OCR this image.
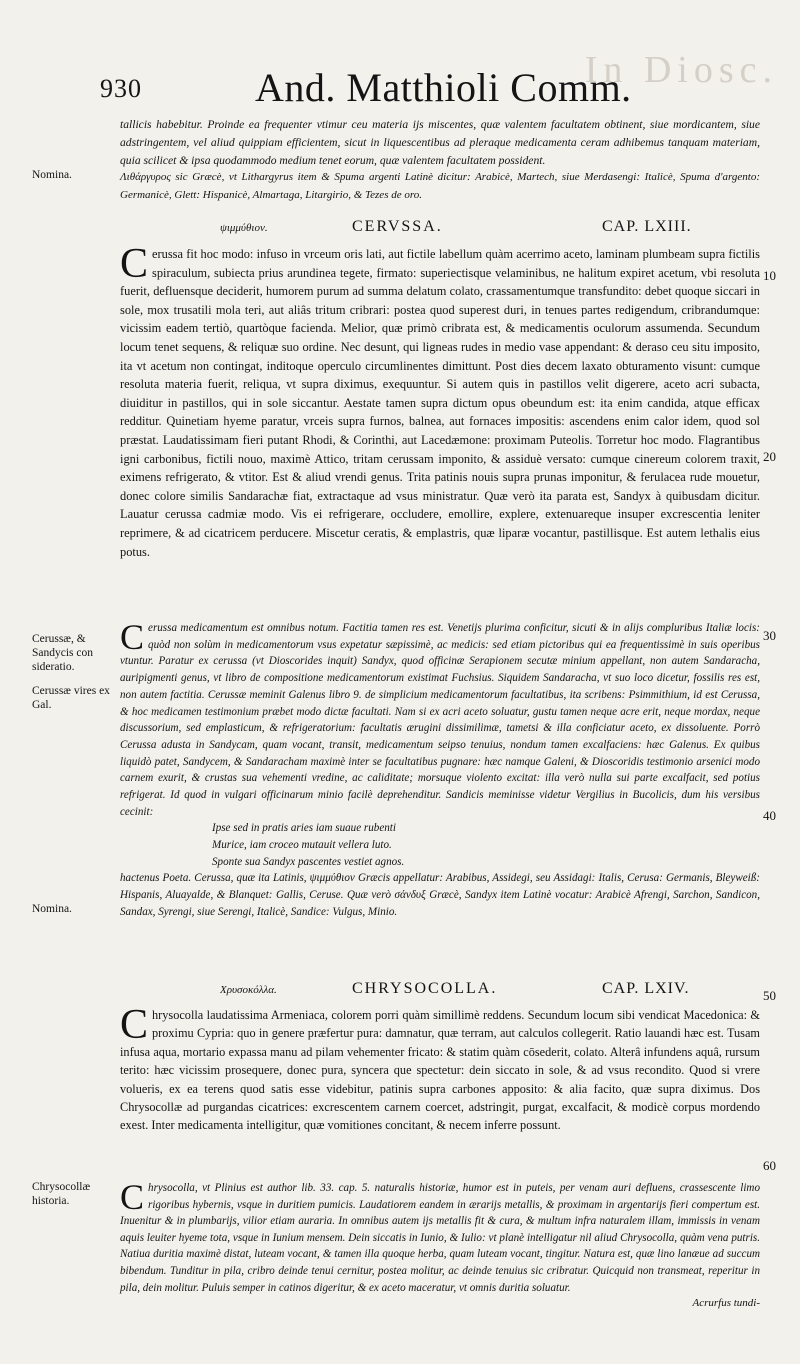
930	And. Matthioli Comm.
In Diosc.

tallicis habebitur. Proinde ea frequenter vtimur ceu materia ijs miscentes, quæ valentem facultatem obtinent, siue mordicantem, siue adstringentem, vel aliud quippiam efficientem, sicut in liquescentibus ad pleraque medicamenta ceram adhibemus tanquam materiam, quia scilicet & ipsa quodammodo medium tenet eorum, quæ valentem facultatem possident.

Λιθάργυρος sic Græcè, vt Lithargyrus item & Spuma argenti Latinè dicitur: Arabicè, Martech, siue Merdasengi: Italicè, Spuma d'argento: Germanicè, Glett: Hispanicè, Almartaga, Litargirio, & Tezes de oro.

ψιμμύθιον.	CERVSSA.	CAP. LXIII.

Cerussa fit hoc modo: infuso in vrceum oris lati, aut fictile labellum quàm acerrimo aceto, laminam plumbeam supra fictilis spiraculum, subiecta prius arundinea tegete, firmato: superiectisque velaminibus, ne halitum expiret acetum, vbi resoluta fuerit, defluensque deciderit, humorem purum ad summa delatum colato, crassamentumque transfundito: debet quoque siccari in sole, mox trusatili mola teri, aut aliâs tritum cribrari: postea quod superest duri, in tenues partes redigendum, cribrandumque: vicissim eadem tertiò, quartòque facienda. Melior, quæ primò cribrata est, & medicamentis oculorum assumenda. Secundum locum tenet sequens, & reliquæ suo ordine. Nec desunt, qui ligneas rudes in medio vase appendant: & deraso ceu situ imposito, ita vt acetum non contingat, inditoque operculo circumlinentes dimittunt. Post dies decem laxato obturamento visunt: cumque resoluta materia fuerit, reliqua, vt supra diximus, exequuntur. Si autem quis in pastillos velit digerere, aceto acri subacta, diuiditur in pastillos, qui in sole siccantur. Aestate tamen supra dictum opus obeundum est: ita enim candida, atque efficax redditur. Quinetiam hyeme paratur, vrceis supra furnos, balnea, aut fornaces impositis: ascendens enim calor idem, quod sol præstat. Laudatissimam fieri putant Rhodi, & Corinthi, aut Lacedæmone: proximam Puteolis. Torretur hoc modo. Flagrantibus igni carbonibus, fictili nouo, maximè Attico, tritam cerussam imponito, & assiduè versato: cumque cinereum colorem traxit, eximens refrigerato, & vtitor. Est & aliud vrendi genus. Trita patinis nouis supra prunas imponitur, & ferulacea rude mouetur, donec colore similis Sandarachæ fiat, extractaque ad vsus ministratur. Quæ verò ita parata est, Sandyx à quibusdam dicitur. Lauatur cerussa cadmiæ modo. Vis ei refrigerare, occludere, emollire, explere, extenuareque insuper excrescentia leniter reprimere, & ad cicatricem perducere. Miscetur ceratis, & emplastris, quæ liparæ vocantur, pastillisque. Est autem lethalis eius potus.

Cerussa medicamentum est omnibus notum. Factitia tamen res est. Venetijs plurima conficitur, sicuti & in alijs compluribus Italiæ locis: quòd non solùm in medicamentorum vsus expetatur sæpissimè, ac medicis: sed etiam pictoribus qui ea frequentissimè in suis operibus vtuntur. Paratur ex cerussa (vt Dioscorides inquit) Sandyx, quod officinæ Serapionem secutæ minium appellant, non autem Sandaracha, auripigmenti genus, vt libro de compositione medicamentorum existimat Fuchsius. Siquidem Sandaracha, vt suo loco dicetur, fossilis res est, non autem factitia. Cerussæ meminit Galenus libro 9. de simplicium medicamentorum facultatibus, ita scribens: Psimmithium, id est Cerussa, & hoc medicamen testimonium præbet modo dictæ facultati. Nam si ex acri aceto soluatur, gustu tamen neque acre erit, neque mordax, neque discussorium, sed emplasticum, & refrigeratorium: facultatis ærugini dissimilimæ, tametsi & illa conficiatur aceto, ex dissoluente. Porrò Cerussa adusta in Sandycam, quam vocant, transit, medicamentum seipso tenuius, nondum tamen excalfaciens: hæc Galenus. Ex quibus liquidò patet, Sandycem, & Sandaracham maximè inter se facultatibus pugnare: hæc namque Galeni, & Dioscoridis testimonio arsenici modo carnem exurit, & crustas sua vehementi vredine, ac caliditate; morsuque violento excitat: illa verò nulla sui parte excalfacit, sed potius refrigerat. Id quod in vulgari officinarum minio facilè deprehenditur. Sandicis meminisse videtur Vergilius in Bucolicis, dum his versibus cecinit:

Ipse sed in pratis aries iam suaue rubenti

Murice, iam croceo mutauit vellera luto.

Sponte sua Sandyx pascentes vestiet agnos.

hactenus Poeta. Cerussa, quæ ita Latinis, ψιμμύθιον Græcis appellatur: Arabibus, Assidegi, seu Assidagi: Italis, Cerusa: Germanis, Bleyweiß: Hispanis, Aluayalde, & Blanquet: Gallis, Ceruse. Quæ verò σάνδυξ Græcè, Sandyx item Latinè vocatur: Arabicè Afrengi, Sarchon, Sandicon, Sandax, Syrengi, siue Serengi, Italicè, Sandice: Vulgus, Minio.

Χρυσοκόλλα.	CHRYSOCOLLA.	CAP. LXIV.

Chrysocolla laudatissima Armeniaca, colorem porri quàm simillimè reddens. Secundum locum sibi vendicat Macedonica: & proximu Cypria: quo in genere præfertur pura: damnatur, quæ terram, aut calculos collegerit. Ratio lauandi hæc est. Tusam infusa aqua, mortario expassa manu ad pilam vehementer fricato: & statim quàm cōsederit, colato. Alterâ infundens aquâ, rursum terito: hæc vicissim prosequere, donec pura, syncera que spectetur: dein siccato in sole, & ad vsus recondito. Quod si vrere volueris, ex ea terens quod satis esse videbitur, patinis supra carbones apposito: & alia facito, quæ supra diximus. Dos Chrysocollæ ad purgandas cicatrices: excrescentem carnem coercet, adstringit, purgat, excalfacit, & modicè corpus mordendo exest. Inter medicamenta intelligitur, quæ vomitiones concitant, & necem inferre possunt.

Chrysocolla, vt Plinius est author lib. 33. cap. 5. naturalis historiæ, humor est in puteis, per venam auri defluens, crassescente limo rigoribus hybernis, vsque in duritiem pumicis. Laudatiorem eandem in ærarijs metallis, & proximam in argentarijs fieri compertum est. Inuenitur & in plumbarijs, vilior etiam auraria. In omnibus autem ijs metallis fit & cura, & multum infra naturalem illam, immissis in venam aquis leuiter hyeme tota, vsque in Iunium mensem. Dein siccatis in Iunio, & Iulio: vt planè intelligatur nil aliud Chrysocolla, quàm vena putris. Natiua duritia maximè distat, luteam vocant, & tamen illa quoque herba, quam luteam vocant, tingitur. Natura est, quæ lino lanæue ad succum bibendum. Tunditur in pila, cribro deinde tenui cernitur, postea molitur, ac deinde tenuius sic cribratur. Quicquid non transmeat, reperitur in pila, dein molitur. Puluis semper in catinos digeritur, & ex aceto maceratur, vt omnis duritia soluatur.

Acrurfus tundi-

Nomina.
Cerussæ, & Sandycis con sideratio.
Cerussæ vires ex Gal.
Nomina.
Chrysocollæ historia.
10
20
30
40
50
60
